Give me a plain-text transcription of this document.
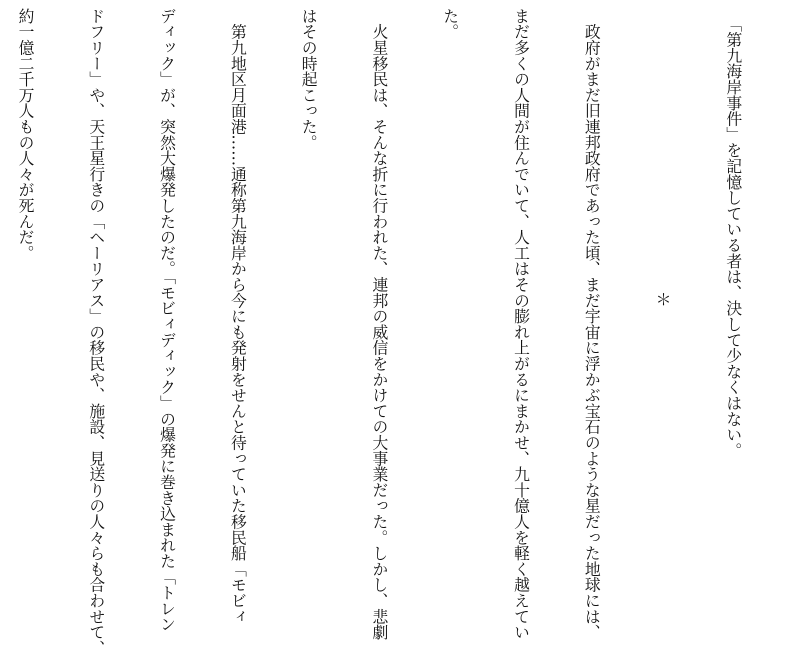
　「第九海岸事件」を記憶している者は、決して少なくはない。

＊

　政府がまだ旧連邦政府であった頃、まだ宇宙に浮かぶ宝石のような星だった地球には、

まだ多くの人間が住んでいて、人工はその膨れ上がるにまかせ、九十億人を軽く越えてい

た。

　火星移民は、そんな折に行われた、連邦の威信をかけての大事業だった。しかし、悲劇

はその時起こった。

　第九地区月面港……通称第九海岸から今にも発射をせんと待っていた移民船「モビィ

ディック」が、突然大爆発したのだ。「モビィディック」の爆発に巻き込まれた「トレン

ドフリー」や、天王星行きの「ヘーリアス」の移民や、施設、見送りの人々らも合わせて、

約一億二千万人もの人々が死んだ。
